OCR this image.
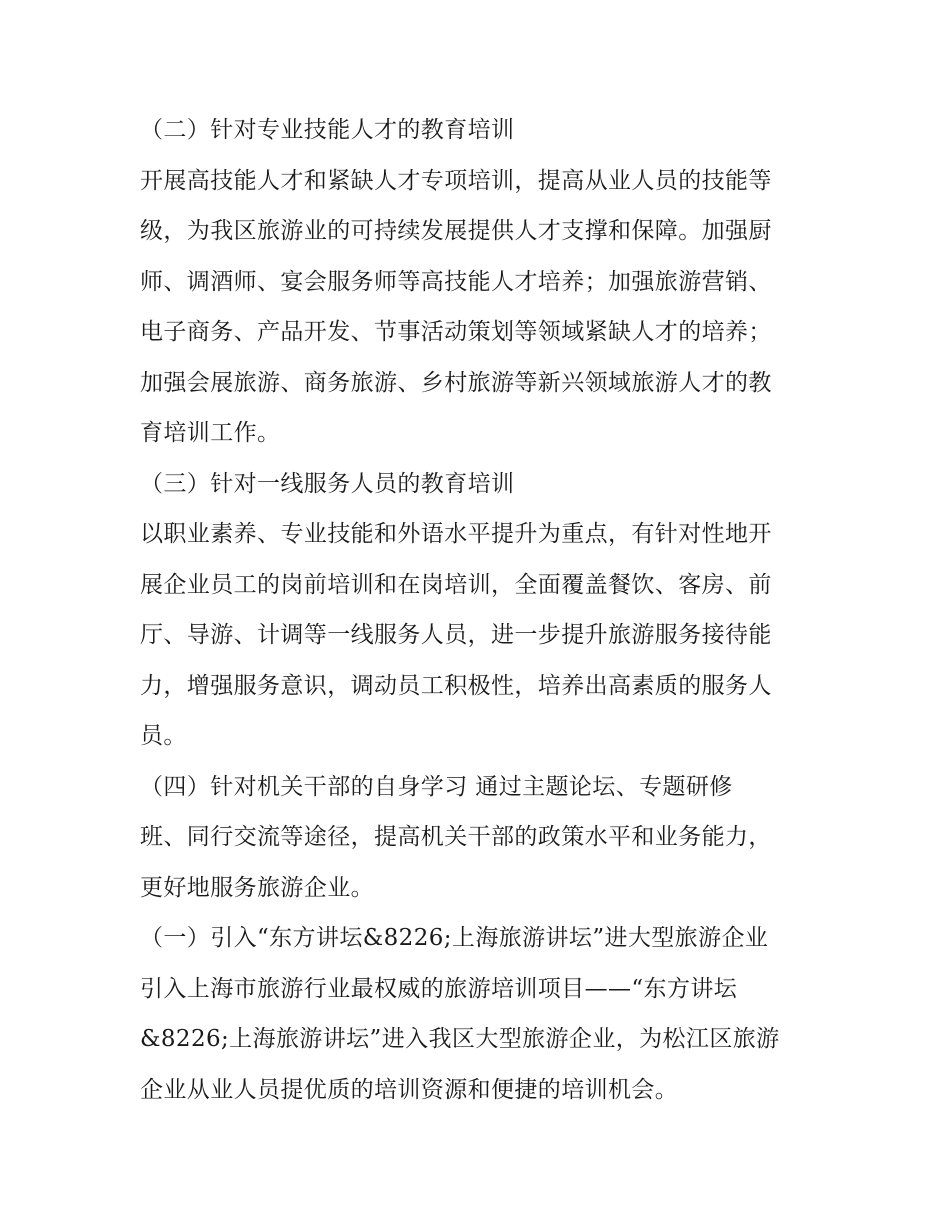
（二）针对专业技能人才的教育培训
开展高技能人才和紧缺人才专项培训，提高从业人员的技能等
级，为我区旅游业的可持续发展提供人才支撑和保障。加强厨
师、调酒师、宴会服务师等高技能人才培养；加强旅游营销、
电子商务、产品开发、节事活动策划等领域紧缺人才的培养；
加强会展旅游、商务旅游、乡村旅游等新兴领域旅游人才的教
育培训工作。
（三）针对一线服务人员的教育培训
以职业素养、专业技能和外语水平提升为重点，有针对性地开
展企业员工的岗前培训和在岗培训，全面覆盖餐饮、客房、前
厅、导游、计调等一线服务人员，进一步提升旅游服务接待能
力，增强服务意识，调动员工积极性，培养出高素质的服务人
员。
（四）针对机关干部的自身学习 通过主题论坛、专题研修
班、同行交流等途径，提高机关干部的政策水平和业务能力，
更好地服务旅游企业。
（一）引入“东方讲坛&8226;上海旅游讲坛”进大型旅游企业
引入上海市旅游行业最权威的旅游培训项目——“东方讲坛
&8226;上海旅游讲坛”进入我区大型旅游企业，为松江区旅游
企业从业人员提优质的培训资源和便捷的培训机会。
